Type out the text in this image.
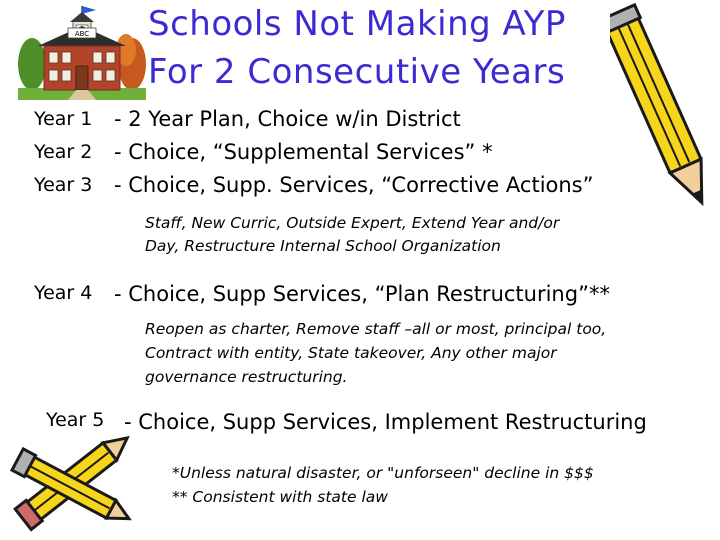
ABC Schools Not Making AYP
For 2 Consecutive Years
Year 1 - 2 Year Plan, Choice w/in District
Year 2 - Choice, “Supplemental Services” *
Year 3 - Choice, Supp. Services, “Corrective Actions”
Staff, New Curric, Outside Expert, Extend Year and/or
Day, Restructure Internal School Organization
Year 4 - Choice, Supp Services, “Plan Restructuring”**
Reopen as charter, Remove staff –all or most, principal too,
Contract with entity, State takeover, Any other major
governance restructuring.
Year 5 - Choice, Supp Services, Implement Restructuring
*Unless natural disaster, or "unforseen" decline in $$$
** Consistent with state law
